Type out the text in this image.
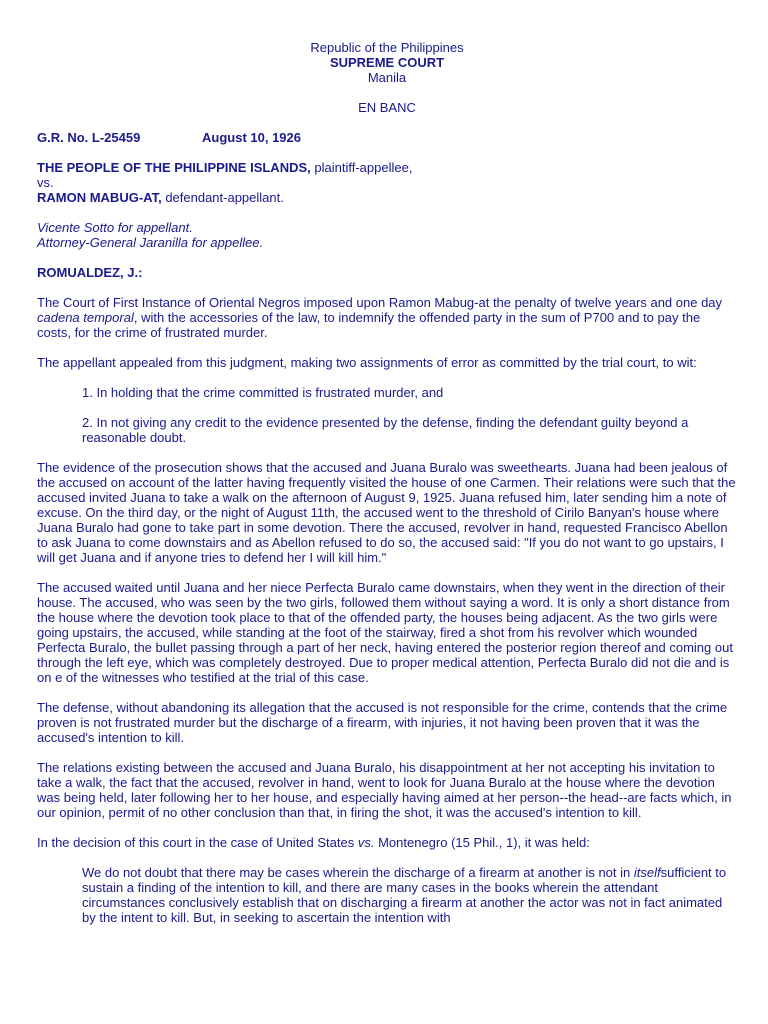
Republic of the Philippines

SUPREME COURT

Manila

EN BANC

G.R. No. L-25459	August 10, 1926

THE PEOPLE OF THE PHILIPPINE ISLANDS, plaintiff-appellee,

vs.

RAMON MABUG-AT, defendant-appellant.

Vicente Sotto for appellant.

Attorney-General Jaranilla for appellee.

ROMUALDEZ, J.:

The Court of First Instance of Oriental Negros imposed upon Ramon Mabug-at the penalty of twelve years and one day cadena temporal, with the accessories of the law, to indemnify the offended party in the sum of P700 and to pay the costs, for the crime of frustrated murder.

The appellant appealed from this judgment, making two assignments of error as committed by the trial court, to wit:

1. In holding that the crime committed is frustrated murder, and

2. In not giving any credit to the evidence presented by the defense, finding the defendant guilty beyond a reasonable doubt.

The evidence of the prosecution shows that the accused and Juana Buralo was sweethearts. Juana had been jealous of the accused on account of the latter having frequently visited the house of one Carmen. Their relations were such that the accused invited Juana to take a walk on the afternoon of August 9, 1925. Juana refused him, later sending him a note of excuse. On the third day, or the night of August 11th, the accused went to the threshold of Cirilo Banyan's house where Juana Buralo had gone to take part in some devotion. There the accused, revolver in hand, requested Francisco Abellon to ask Juana to come downstairs and as Abellon refused to do so, the accused said: "If you do not want to go upstairs, I will get Juana and if anyone tries to defend her I will kill him."

The accused waited until Juana and her niece Perfecta Buralo came downstairs, when they went in the direction of their house. The accused, who was seen by the two girls, followed them without saying a word. It is only a short distance from the house where the devotion took place to that of the offended party, the houses being adjacent. As the two girls were going upstairs, the accused, while standing at the foot of the stairway, fired a shot from his revolver which wounded Perfecta Buralo, the bullet passing through a part of her neck, having entered the posterior region thereof and coming out through the left eye, which was completely destroyed. Due to proper medical attention, Perfecta Buralo did not die and is on e of the witnesses who testified at the trial of this case.

The defense, without abandoning its allegation that the accused is not responsible for the crime, contends that the crime proven is not frustrated murder but the discharge of a firearm, with injuries, it not having been proven that it was the accused's intention to kill.

The relations existing between the accused and Juana Buralo, his disappointment at her not accepting his invitation to take a walk, the fact that the accused, revolver in hand, went to look for Juana Buralo at the house where the devotion was being held, later following her to her house, and especially having aimed at her person--the head--are facts which, in our opinion, permit of no other conclusion than that, in firing the shot, it was the accused's intention to kill.

In the decision of this court in the case of United States vs. Montenegro (15 Phil., 1), it was held:

We do not doubt that there may be cases wherein the discharge of a firearm at another is not in itselfsufficient to sustain a finding of the intention to kill, and there are many cases in the books wherein the attendant circumstances conclusively establish that on discharging a firearm at another the actor was not in fact animated by the intent to kill. But, in seeking to ascertain the intention with
